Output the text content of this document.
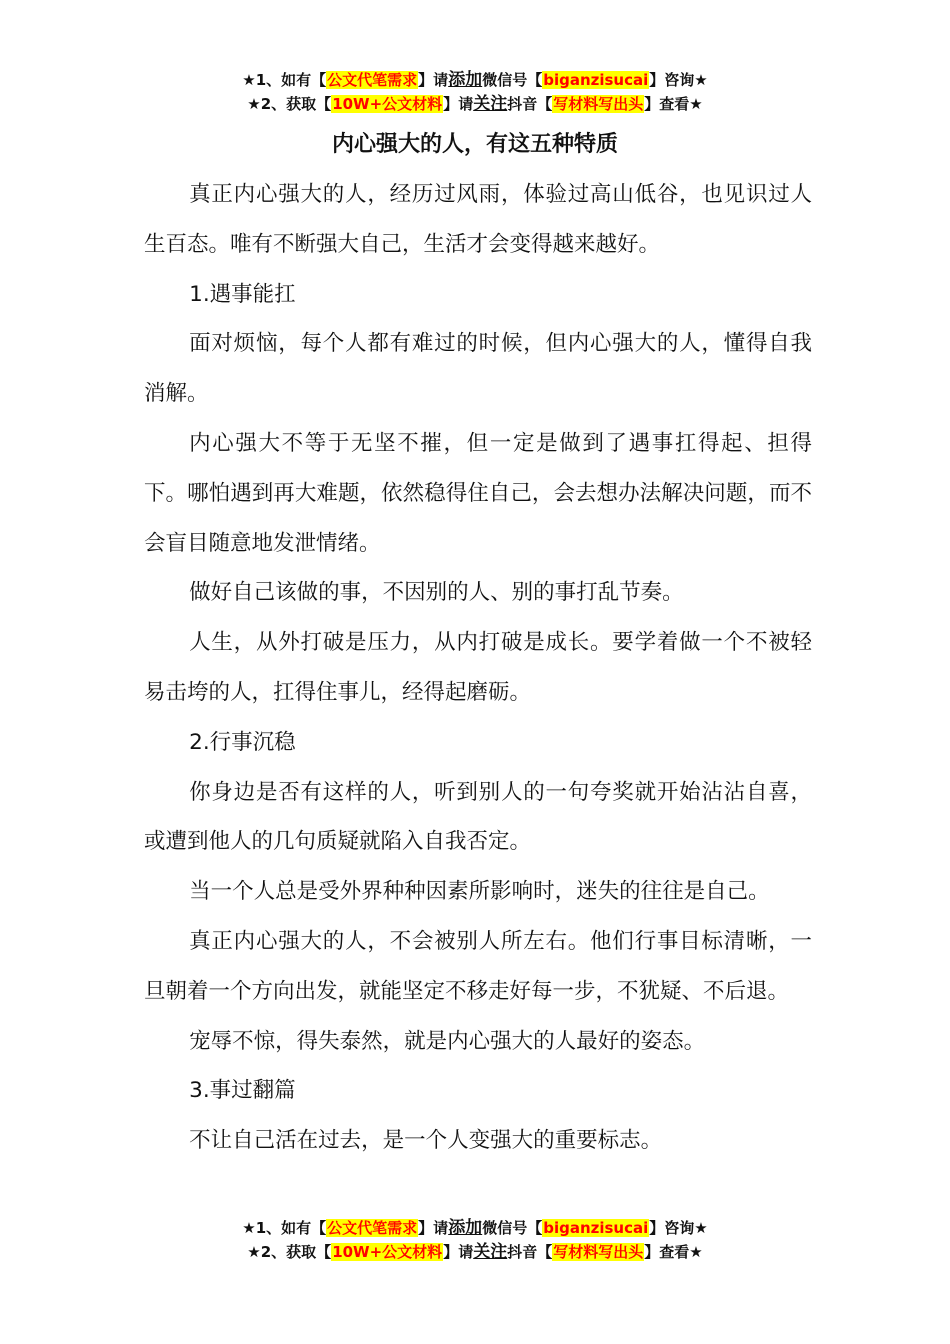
★1、如有【公文代笔需求】请添加微信号【biganzisucai】咨询★
★2、获取【10W+公文材料】请关注抖音【写材料写出头】查看★
内心强大的人，有这五种特质

真正内心强大的人，经历过风雨，体验过高山低谷，也见识过人生百态。唯有不断强大自己，生活才会变得越来越好。

1.遇事能扛

面对烦恼，每个人都有难过的时候，但内心强大的人，懂得自我消解。

内心强大不等于无坚不摧，但一定是做到了遇事扛得起、担得下。哪怕遇到再大难题，依然稳得住自己，会去想办法解决问题，而不会盲目随意地发泄情绪。

做好自己该做的事，不因别的人、别的事打乱节奏。

人生，从外打破是压力，从内打破是成长。要学着做一个不被轻易击垮的人，扛得住事儿，经得起磨砺。

2.行事沉稳

你身边是否有这样的人，听到别人的一句夸奖就开始沾沾自喜，或遭到他人的几句质疑就陷入自我否定。

当一个人总是受外界种种因素所影响时，迷失的往往是自己。

真正内心强大的人，不会被别人所左右。他们行事目标清晰，一旦朝着一个方向出发，就能坚定不移走好每一步，不犹疑、不后退。

宠辱不惊，得失泰然，就是内心强大的人最好的姿态。

3.事过翻篇

不让自己活在过去，是一个人变强大的重要标志。

★1、如有【公文代笔需求】请添加微信号【biganzisucai】咨询★
★2、获取【10W+公文材料】请关注抖音【写材料写出头】查看★
